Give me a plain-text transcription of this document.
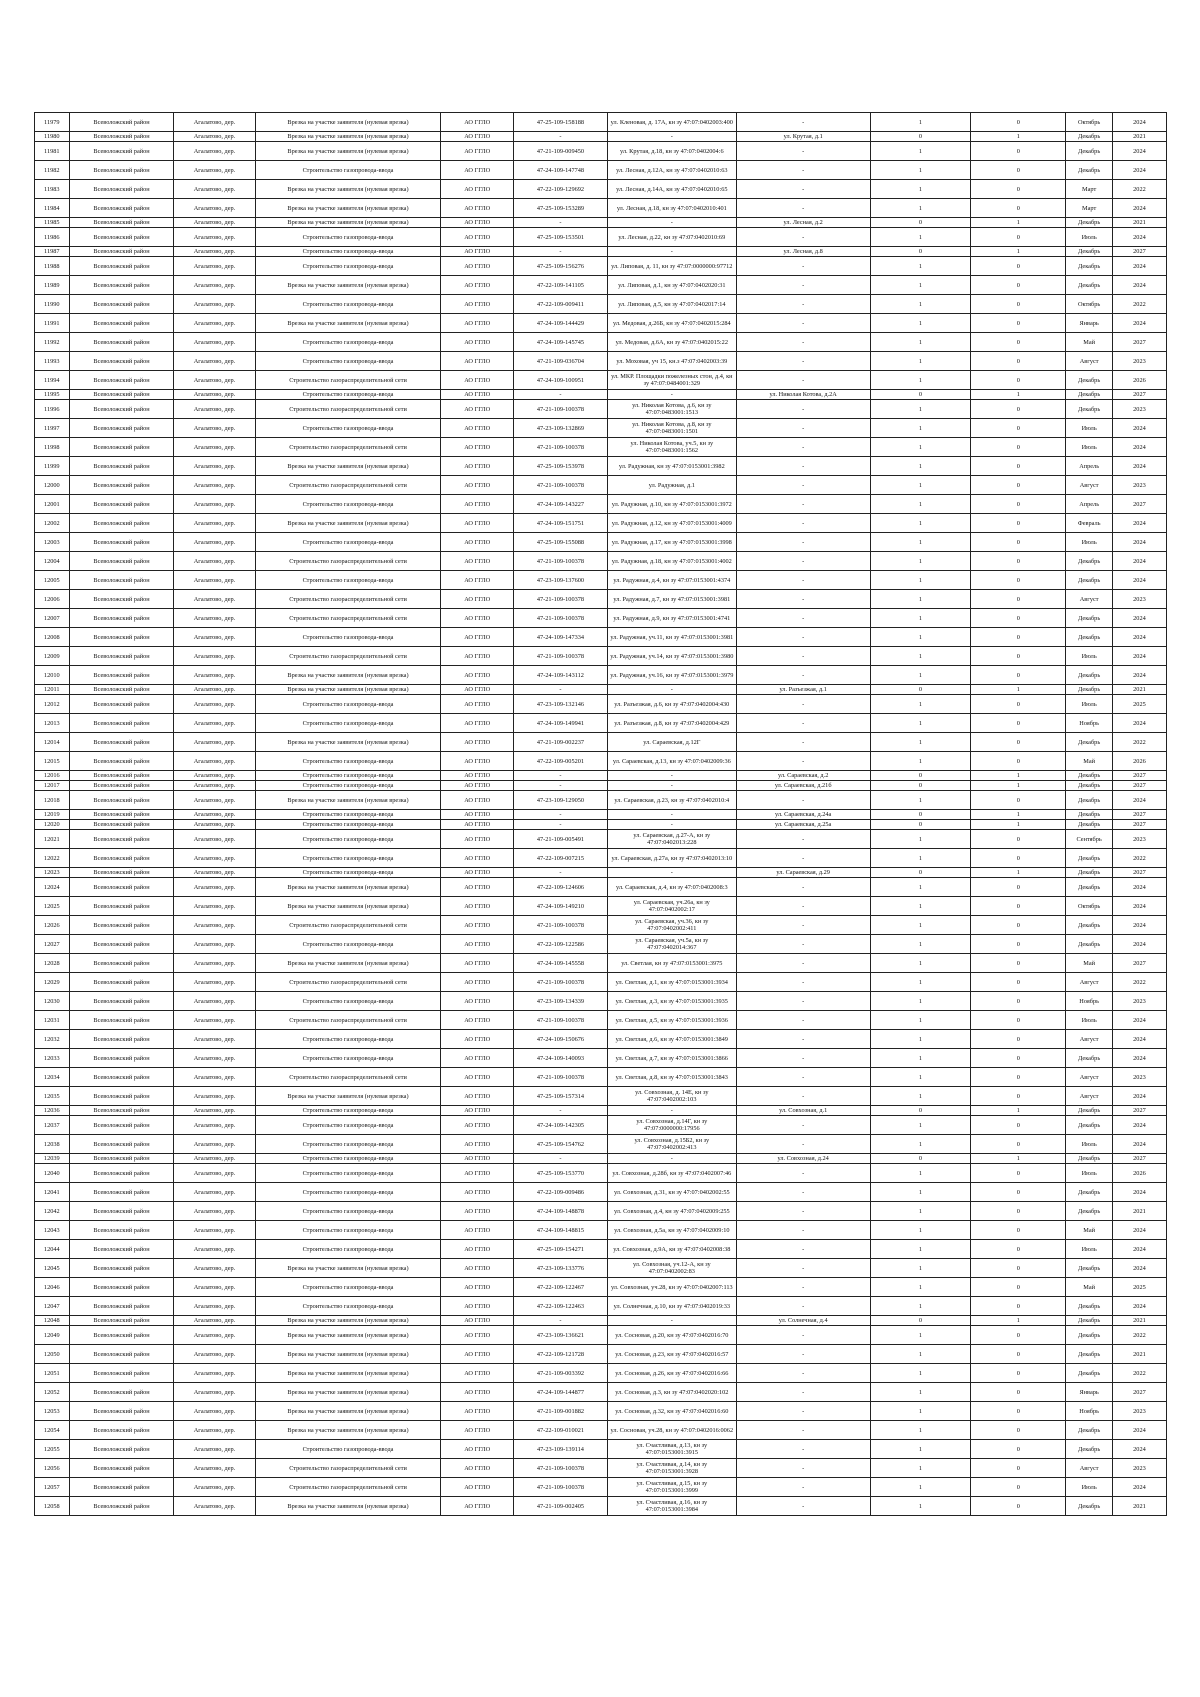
11979	Всеволожский район	Агалатово, дер.	Врезка на участке заявителя (нулевая врезка)	АО ГГЛО	47-25-109-158188	ул. Кленовая, д. 17А, кн зу 47:07:0402003:400	-	1	0	Октябрь	2024
11980	Всеволожский район	Агалатово, дер.	Врезка на участке заявителя (нулевая врезка)	АО ГГЛО	-	-	ул. Крутая, д.1	0	1	Декабрь	2021
11981	Всеволожский район	Агалатово, дер.	Врезка на участке заявителя (нулевая врезка)	АО ГГЛО	47-21-109-009450	ул. Крутая, д.18, кн зу 47:07:0402004:6	-	1	0	Декабрь	2024
11982	Всеволожский район	Агалатово, дер.	Строительство газопровода-ввода	АО ГГЛО	47-24-109-147748	ул. Лесная, д.12А, кн зу 47:07:0402010:63	-	1	0	Декабрь	2024
11983	Всеволожский район	Агалатово, дер.	Врезка на участке заявителя (нулевая врезка)	АО ГГЛО	47-22-109-129692	ул. Лесная, д.14А, кн зу 47:07:0402010:65	-	1	0	Март	2022
11984	Всеволожский район	Агалатово, дер.	Врезка на участке заявителя (нулевая врезка)	АО ГГЛО	47-25-109-153289	ул. Лесная, д.18, кн зу 47:07:0402010:401	-	1	0	Март	2024
11985	Всеволожский район	Агалатово, дер.	Врезка на участке заявителя (нулевая врезка)	АО ГГЛО	-	-	ул. Лесная, д.2	0	1	Декабрь	2021
11986	Всеволожский район	Агалатово, дер.	Строительство газопровода-ввода	АО ГГЛО	47-25-109-153501	ул. Лесная, д.22, кн зу 47:07:0402010:69	-	1	0	Июль	2024
11987	Всеволожский район	Агалатово, дер.	Строительство газопровода-ввода	АО ГГЛО	-	-	ул. Лесная, д.8	0	1	Декабрь	2027
11988	Всеволожский район	Агалатово, дер.	Строительство газопровода-ввода	АО ГГЛО	47-25-109-156276	ул. Липовая, д. 11, кн зу 47:07:0000000:97712	-	1	0	Декабрь	2024
11989	Всеволожский район	Агалатово, дер.	Врезка на участке заявителя (нулевая врезка)	АО ГГЛО	47-22-109-141105	ул. Липовая, д.1, кн зу 47:07:0402020:31	-	1	0	Декабрь	2024
11990	Всеволожский район	Агалатово, дер.	Строительство газопровода-ввода	АО ГГЛО	47-22-109-009411	ул. Липовая, д.5, кн зу 47:07:0402017:14	-	1	0	Октябрь	2022
11991	Всеволожский район	Агалатово, дер.	Врезка на участке заявителя (нулевая врезка)	АО ГГЛО	47-24-109-144429	ул. Медовая, д.26Б, кн зу 47:07:0402015:284	-	1	0	Январь	2024
11992	Всеволожский район	Агалатово, дер.	Строительство газопровода-ввода	АО ГГЛО	47-24-109-145745	ул. Медовая, д.6А, кн зу 47:07:0402015:22	-	1	0	Май	2027
11993	Всеволожский район	Агалатово, дер.	Строительство газопровода-ввода	АО ГГЛО	47-21-109-036704	ул. Моховая, уч 15, кн.з 47:07:0402003:39	-	1	0	Август	2023
11994	Всеволожский район	Агалатово, дер.	Строительство газораспределительной сети	АО ГГЛО	47-24-109-100951	ул. МКР. Площадки пожелезных стон, д.4, кн зу 47:07:0484001:329	-	1	0	Декабрь	2026
11995	Всеволожский район	Агалатово, дер.	Строительство газопровода-ввода	АО ГГЛО	-	-	ул. Николая Котова, д.2А	0	1	Декабрь	2027
11996	Всеволожский район	Агалатово, дер.	Строительство газораспределительной сети	АО ГГЛО	47-21-109-100378	ул. Николая Котова, д.6, кн зу 47:07:0483001:1513	-	1	0	Декабрь	2023
11997	Всеволожский район	Агалатово, дер.	Строительство газопровода-ввода	АО ГГЛО	47-23-109-132869	ул. Николая Котова, д.8, кн зу 47:07:0483001:1501	-	1	0	Июль	2024
11998	Всеволожский район	Агалатово, дер.	Строительство газораспределительной сети	АО ГГЛО	47-21-109-100378	ул. Николая Котова, уч.5, кн зу 47:07:0483001:1562	-	1	0	Июль	2024
11999	Всеволожский район	Агалатово, дер.	Врезка на участке заявителя (нулевая врезка)	АО ГГЛО	47-25-109-153978	ул. Радужная, кн зу 47:07:0153001:3982	-	1	0	Апрель	2024
12000	Всеволожский район	Агалатово, дер.	Строительство газораспределительной сети	АО ГГЛО	47-21-109-100378	ул. Радужная, д.1	-	1	0	Август	2023
12001	Всеволожский район	Агалатово, дер.	Строительство газопровода-ввода	АО ГГЛО	47-24-109-143227	ул. Радужная, д.10, кн зу 47:07:0153001:3972	-	1	0	Апрель	2027
12002	Всеволожский район	Агалатово, дер.	Врезка на участке заявителя (нулевая врезка)	АО ГГЛО	47-24-109-151751	ул. Радужная, д.12, кн зу 47:07:0153001:4009	-	1	0	Февраль	2024
12003	Всеволожский район	Агалатово, дер.	Строительство газопровода-ввода	АО ГГЛО	47-25-109-155088	ул. Радужная, д.17, кн зу 47:07:0153001:3998	-	1	0	Июль	2024
12004	Всеволожский район	Агалатово, дер.	Строительство газораспределительной сети	АО ГГЛО	47-21-109-100378	ул. Радужная, д.18, кн зу 47:07:0153001:4002	-	1	0	Декабрь	2024
12005	Всеволожский район	Агалатово, дер.	Строительство газопровода-ввода	АО ГГЛО	47-23-109-137600	ул. Радужная, д.4, кн зу 47:07:0153001:4374	-	1	0	Декабрь	2024
12006	Всеволожский район	Агалатово, дер.	Строительство газораспределительной сети	АО ГГЛО	47-21-109-100378	ул. Радужная, д.7, кн зу 47:07:0153001:3981	-	1	0	Август	2023
12007	Всеволожский район	Агалатово, дер.	Строительство газораспределительной сети	АО ГГЛО	47-21-109-100378	ул. Радужная, д.9, кн зу 47:07:0153001:4741	-	1	0	Декабрь	2024
12008	Всеволожский район	Агалатово, дер.	Строительство газопровода-ввода	АО ГГЛО	47-24-109-147334	ул. Радужная, уч.11, кн зу 47:07:0153001:3981	-	1	0	Декабрь	2024
12009	Всеволожский район	Агалатово, дер.	Строительство газораспределительной сети	АО ГГЛО	47-21-109-100378	ул. Радужная, уч.14, кн зу 47:07:0153001:3980	-	1	0	Июль	2024
12010	Всеволожский район	Агалатово, дер.	Врезка на участке заявителя (нулевая врезка)	АО ГГЛО	47-24-109-143112	ул. Радужная, уч.16, кн зу 47:07:0153001:3979	-	1	0	Декабрь	2024
12011	Всеволожский район	Агалатово, дер.	Врезка на участке заявителя (нулевая врезка)	АО ГГЛО	-	-	ул. Разъезжая, д.1	0	1	Декабрь	2021
12012	Всеволожский район	Агалатово, дер.	Строительство газопровода-ввода	АО ГГЛО	47-23-109-132146	ул. Разъезжая, д.6, кн зу 47:07:0402004:430	-	1	0	Июль	2025
12013	Всеволожский район	Агалатово, дер.	Строительство газопровода-ввода	АО ГГЛО	47-24-109-149941	ул. Разъезжая, д.8, кн зу 47:07:0402004:429	-	1	0	Ноябрь	2024
12014	Всеволожский район	Агалатово, дер.	Врезка на участке заявителя (нулевая врезка)	АО ГГЛО	47-21-109-002237	ул. Сараевская, д.12Г	-	1	0	Декабрь	2022
12015	Всеволожский район	Агалатово, дер.	Строительство газопровода-ввода	АО ГГЛО	47-22-109-005201	ул. Сараевская, д.13, кн зу 47:07:0402009:36	-	1	0	Май	2026
12016	Всеволожский район	Агалатово, дер.	Строительство газопровода-ввода	АО ГГЛО	-	-	ул. Сараевская, д.2	0	1	Декабрь	2027
12017	Всеволожский район	Агалатово, дер.	Строительство газопровода-ввода	АО ГГЛО	-	-	ул. Сараевская, д.21б	0	1	Декабрь	2027
12018	Всеволожский район	Агалатово, дер.	Врезка на участке заявителя (нулевая врезка)	АО ГГЛО	47-23-109-129050	ул. Сараевская, д.23, кн зу 47:07:0402010:4	-	1	0	Декабрь	2024
12019	Всеволожский район	Агалатово, дер.	Строительство газопровода-ввода	АО ГГЛО	-	-	ул. Сараевская, д.24а	0	1	Декабрь	2027
12020	Всеволожский район	Агалатово, дер.	Строительство газопровода-ввода	АО ГГЛО	-	-	ул. Сараевская, д.25а	0	1	Декабрь	2027
12021	Всеволожский район	Агалатово, дер.	Строительство газопровода-ввода	АО ГГЛО	47-21-109-005491	ул. Сараевская, д.27-А, кн зу 47:07:0402013:228	-	1	0	Сентябрь	2023
12022	Всеволожский район	Агалатово, дер.	Строительство газопровода-ввода	АО ГГЛО	47-22-109-007215	ул. Сараевская, д.27а, кн зу 47:07:0402013:10	-	1	0	Декабрь	2022
12023	Всеволожский район	Агалатово, дер.	Строительство газопровода-ввода	АО ГГЛО	-	-	ул. Сараевская, д.29	0	1	Декабрь	2027
12024	Всеволожский район	Агалатово, дер.	Врезка на участке заявителя (нулевая врезка)	АО ГГЛО	47-22-109-124606	ул. Сараевская, д.4, кн зу 47:07:0402008:3	-	1	0	Декабрь	2024
12025	Всеволожский район	Агалатово, дер.	Врезка на участке заявителя (нулевая врезка)	АО ГГЛО	47-24-109-149210	ул. Сараевская, уч.26а, кн зу 47:07:0402002:17	-	1	0	Октябрь	2024
12026	Всеволожский район	Агалатово, дер.	Строительство газораспределительной сети	АО ГГЛО	47-21-109-100378	ул. Сараевская, уч.36, кн зу 47:07:0402002:411	-	1	0	Декабрь	2024
12027	Всеволожский район	Агалатово, дер.	Строительство газопровода-ввода	АО ГГЛО	47-22-109-122586	ул. Сараевская, уч.5а, кн зу 47:07:0402014:367	-	1	0	Декабрь	2024
12028	Всеволожский район	Агалатово, дер.	Врезка на участке заявителя (нулевая врезка)	АО ГГЛО	47-24-109-145558	ул. Светлая, кн зу 47:07:0153001:3975	-	1	0	Май	2027
12029	Всеволожский район	Агалатово, дер.	Строительство газораспределительной сети	АО ГГЛО	47-21-109-100378	ул. Светлая, д.1, кн зу 47:07:0153001:3934	-	1	0	Август	2022
12030	Всеволожский район	Агалатово, дер.	Строительство газопровода-ввода	АО ГГЛО	47-23-109-134339	ул. Светлая, д.3, кн зу 47:07:0153001:3935	-	1	0	Ноябрь	2023
12031	Всеволожский район	Агалатово, дер.	Строительство газораспределительной сети	АО ГГЛО	47-21-109-100378	ул. Светлая, д.5, кн зу 47:07:0153001:3936	-	1	0	Июль	2024
12032	Всеволожский район	Агалатово, дер.	Строительство газопровода-ввода	АО ГГЛО	47-24-109-150676	ул. Светлая, д.6, кн зу 47:07:0153001:3849	-	1	0	Август	2024
12033	Всеволожский район	Агалатово, дер.	Строительство газопровода-ввода	АО ГГЛО	47-24-109-140093	ул. Светлая, д.7, кн зу 47:07:0153001:3866	-	1	0	Декабрь	2024
12034	Всеволожский район	Агалатово, дер.	Строительство газораспределительной сети	АО ГГЛО	47-21-109-100378	ул. Светлая, д.8, кн зу 47:07:0153001:3843	-	1	0	Август	2023
12035	Всеволожский район	Агалатово, дер.	Врезка на участке заявителя (нулевая врезка)	АО ГГЛО	47-25-109-157314	ул. Совхозная, д. 14Е, кн зу 47:07:0402002:103	-	1	0	Август	2024
12036	Всеволожский район	Агалатово, дер.	Строительство газопровода-ввода	АО ГГЛО	-	-	ул. Совхозная, д.1	0	1	Декабрь	2027
12037	Всеволожский район	Агалатово, дер.	Строительство газопровода-ввода	АО ГГЛО	47-24-109-142305	ул. Совхозная, д.14Г, кн зу 47:07:0000000:17956	-	1	0	Декабрь	2024
12038	Всеволожский район	Агалатово, дер.	Строительство газопровода-ввода	АО ГГЛО	47-25-109-154762	ул. Совхозная, д.15Б2, кн зу 47:07:0402002:413	-	1	0	Июль	2024
12039	Всеволожский район	Агалатово, дер.	Строительство газопровода-ввода	АО ГГЛО	-	-	ул. Совхозная, д.24	0	1	Декабрь	2027
12040	Всеволожский район	Агалатово, дер.	Строительство газопровода-ввода	АО ГГЛО	47-25-109-153770	ул. Совхозная, д.28б, кн зу 47:07:0402007:46	-	1	0	Июль	2026
12041	Всеволожский район	Агалатово, дер.	Строительство газопровода-ввода	АО ГГЛО	47-22-109-009486	ул. Совхозная, д.31, кн зу 47:07:0402002:55	-	1	0	Декабрь	2024
12042	Всеволожский район	Агалатово, дер.	Строительство газопровода-ввода	АО ГГЛО	47-24-109-148878	ул. Совхозная, д.4, кн зу 47:07:0402009:255	-	1	0	Декабрь	2021
12043	Всеволожский район	Агалатово, дер.	Строительство газопровода-ввода	АО ГГЛО	47-24-109-148815	ул. Совхозная, д.5а, кн зу 47:07:0402009:10	-	1	0	Май	2024
12044	Всеволожский район	Агалатово, дер.	Строительство газопровода-ввода	АО ГГЛО	47-25-109-154271	ул. Совхозная, д.9А, кн зу 47:07:0402008:38	-	1	0	Июль	2024
12045	Всеволожский район	Агалатово, дер.	Врезка на участке заявителя (нулевая врезка)	АО ГГЛО	47-23-109-133776	ул. Совхозная, уч.12-А, кн зу 47:07:0402002:83	-	1	0	Декабрь	2024
12046	Всеволожский район	Агалатово, дер.	Строительство газопровода-ввода	АО ГГЛО	47-22-109-122467	ул. Совхозная, уч.28, кн зу 47:07:0402007:113	-	1	0	Май	2025
12047	Всеволожский район	Агалатово, дер.	Строительство газопровода-ввода	АО ГГЛО	47-22-109-122463	ул. Солнечная, д.10, кн зу 47:07:0402019:33	-	1	0	Декабрь	2024
12048	Всеволожский район	Агалатово, дер.	Врезка на участке заявителя (нулевая врезка)	АО ГГЛО	-	-	ул. Солнечная, д.4	0	1	Декабрь	2021
12049	Всеволожский район	Агалатово, дер.	Врезка на участке заявителя (нулевая врезка)	АО ГГЛО	47-23-109-136621	ул. Сосновая, д.20, кн зу 47:07:0402016:70	-	1	0	Декабрь	2022
12050	Всеволожский район	Агалатово, дер.	Врезка на участке заявителя (нулевая врезка)	АО ГГЛО	47-22-109-121728	ул. Сосновая, д.23, кн зу 47:07:0402016:57	-	1	0	Декабрь	2021
12051	Всеволожский район	Агалатово, дер.	Врезка на участке заявителя (нулевая врезка)	АО ГГЛО	47-21-109-003392	ул. Сосновая, д.26, кн зу 47:07:0402016:66	-	1	0	Декабрь	2022
12052	Всеволожский район	Агалатово, дер.	Врезка на участке заявителя (нулевая врезка)	АО ГГЛО	47-24-109-144877	ул. Сосновая, д.3, кн зу 47:07:0402020:102	-	1	0	Январь	2027
12053	Всеволожский район	Агалатово, дер.	Врезка на участке заявителя (нулевая врезка)	АО ГГЛО	47-21-109-001882	ул. Сосновая, д.32, кн зу 47:07:0402016:60	-	1	0	Ноябрь	2023
12054	Всеволожский район	Агалатово, дер.	Врезка на участке заявителя (нулевая врезка)	АО ГГЛО	47-22-109-010021	ул. Сосновая, уч.28, кн зу 47:07:0402016:0062	-	1	0	Декабрь	2024
12055	Всеволожский район	Агалатово, дер.	Строительство газопровода-ввода	АО ГГЛО	47-23-109-139114	ул. Счастливая, д.13, кн зу 47:07:0153001:3915	-	1	0	Декабрь	2024
12056	Всеволожский район	Агалатово, дер.	Строительство газораспределительной сети	АО ГГЛО	47-21-109-100378	ул. Счастливая, д.14, кн зу 47:07:0153001:3928	-	1	0	Август	2023
12057	Всеволожский район	Агалатово, дер.	Строительство газораспределительной сети	АО ГГЛО	47-21-109-100378	ул. Счастливая, д.15, кн зу 47:07:0153001:3999	-	1	0	Июль	2024
12058	Всеволожский район	Агалатово, дер.	Врезка на участке заявителя (нулевая врезка)	АО ГГЛО	47-21-109-002405	ул. Счастливая, д.16, кн зу 47:07:0153001:3984	-	1	0	Декабрь	2021
